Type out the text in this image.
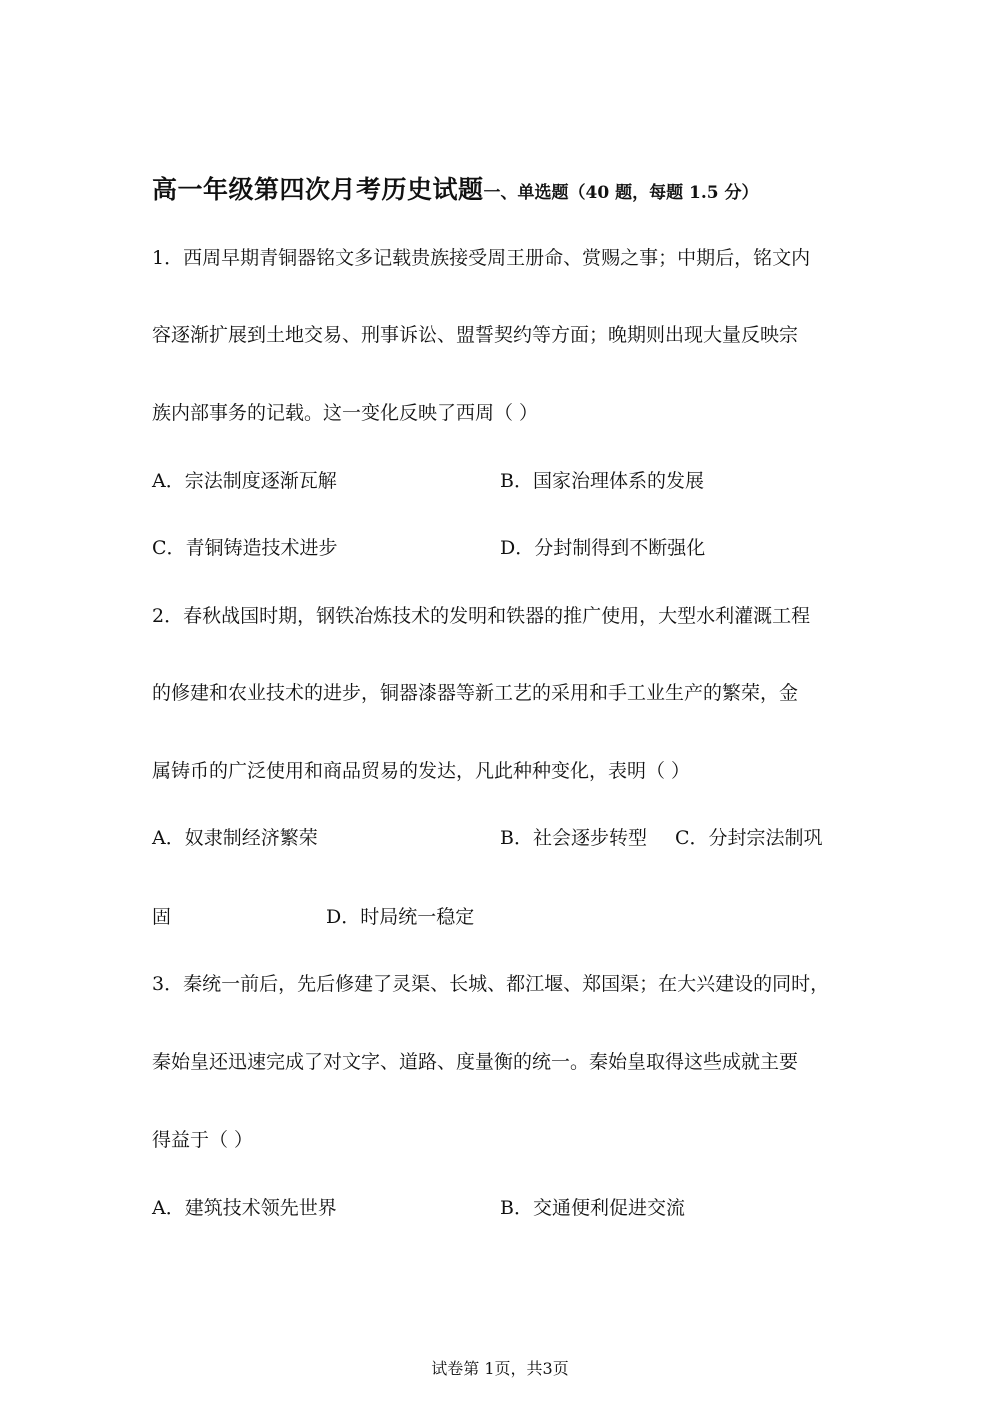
高一年级第四次月考历史试题一、单选题（40 题，每题 1.5 分）
1．西周早期青铜器铭文多记载贵族接受周王册命、赏赐之事；中期后，铭文内
容逐渐扩展到土地交易、刑事诉讼、盟誓契约等方面；晚期则出现大量反映宗
族内部事务的记载。这一变化反映了西周（ ）
A．宗法制度逐渐瓦解	B．国家治理体系的发展
C．青铜铸造技术进步	D．分封制得到不断强化
2．春秋战国时期，钢铁冶炼技术的发明和铁器的推广使用，大型水利灌溉工程
的修建和农业技术的进步，铜器漆器等新工艺的采用和手工业生产的繁荣，金
属铸币的广泛使用和商品贸易的发达，凡此种种变化，表明（ ）
A．奴隶制经济繁荣	B．社会逐步转型 C．分封宗法制巩
固	D．时局统一稳定
3．秦统一前后，先后修建了灵渠、长城、都江堰、郑国渠；在大兴建设的同时，
秦始皇还迅速完成了对文字、道路、度量衡的统一。秦始皇取得这些成就主要
得益于（ ）
A．建筑技术领先世界	B．交通便利促进交流
试卷第 1页，共3页
